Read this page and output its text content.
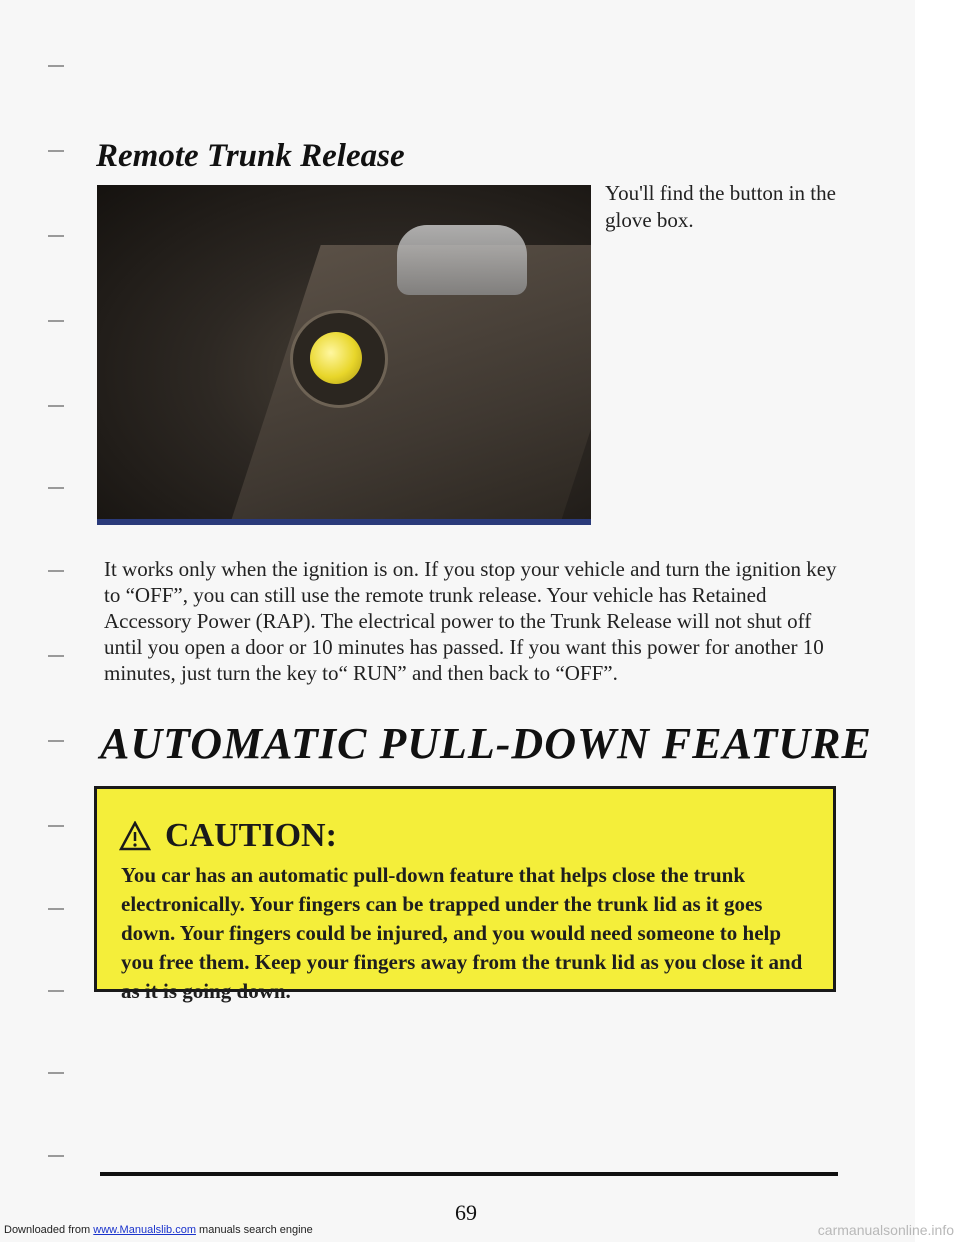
Remote Trunk Release

You'll find the button in the glove box.

It works only when the ignition is on. If you stop your vehicle and turn the ignition key to “OFF”, you can still use the remote trunk release. Your vehicle has Retained Accessory Power (RAP). The electrical power to the Trunk Release will not shut off until you open a door or 10 minutes has passed. If you want this power for another 10 minutes, just turn the key to“ RUN” and then back to “OFF”.

AUTOMATIC PULL-DOWN FEATURE
CAUTION:

You car has an automatic pull-down feature that helps close the trunk electronically. Your fingers can be trapped under the trunk lid as it goes down. Your fingers could be injured, and you would need someone to help you free them. Keep your fingers away from the trunk lid as you close it and as it is going down.

69

Downloaded from www.Manualslib.com manuals search engine	carmanualsonline.info
